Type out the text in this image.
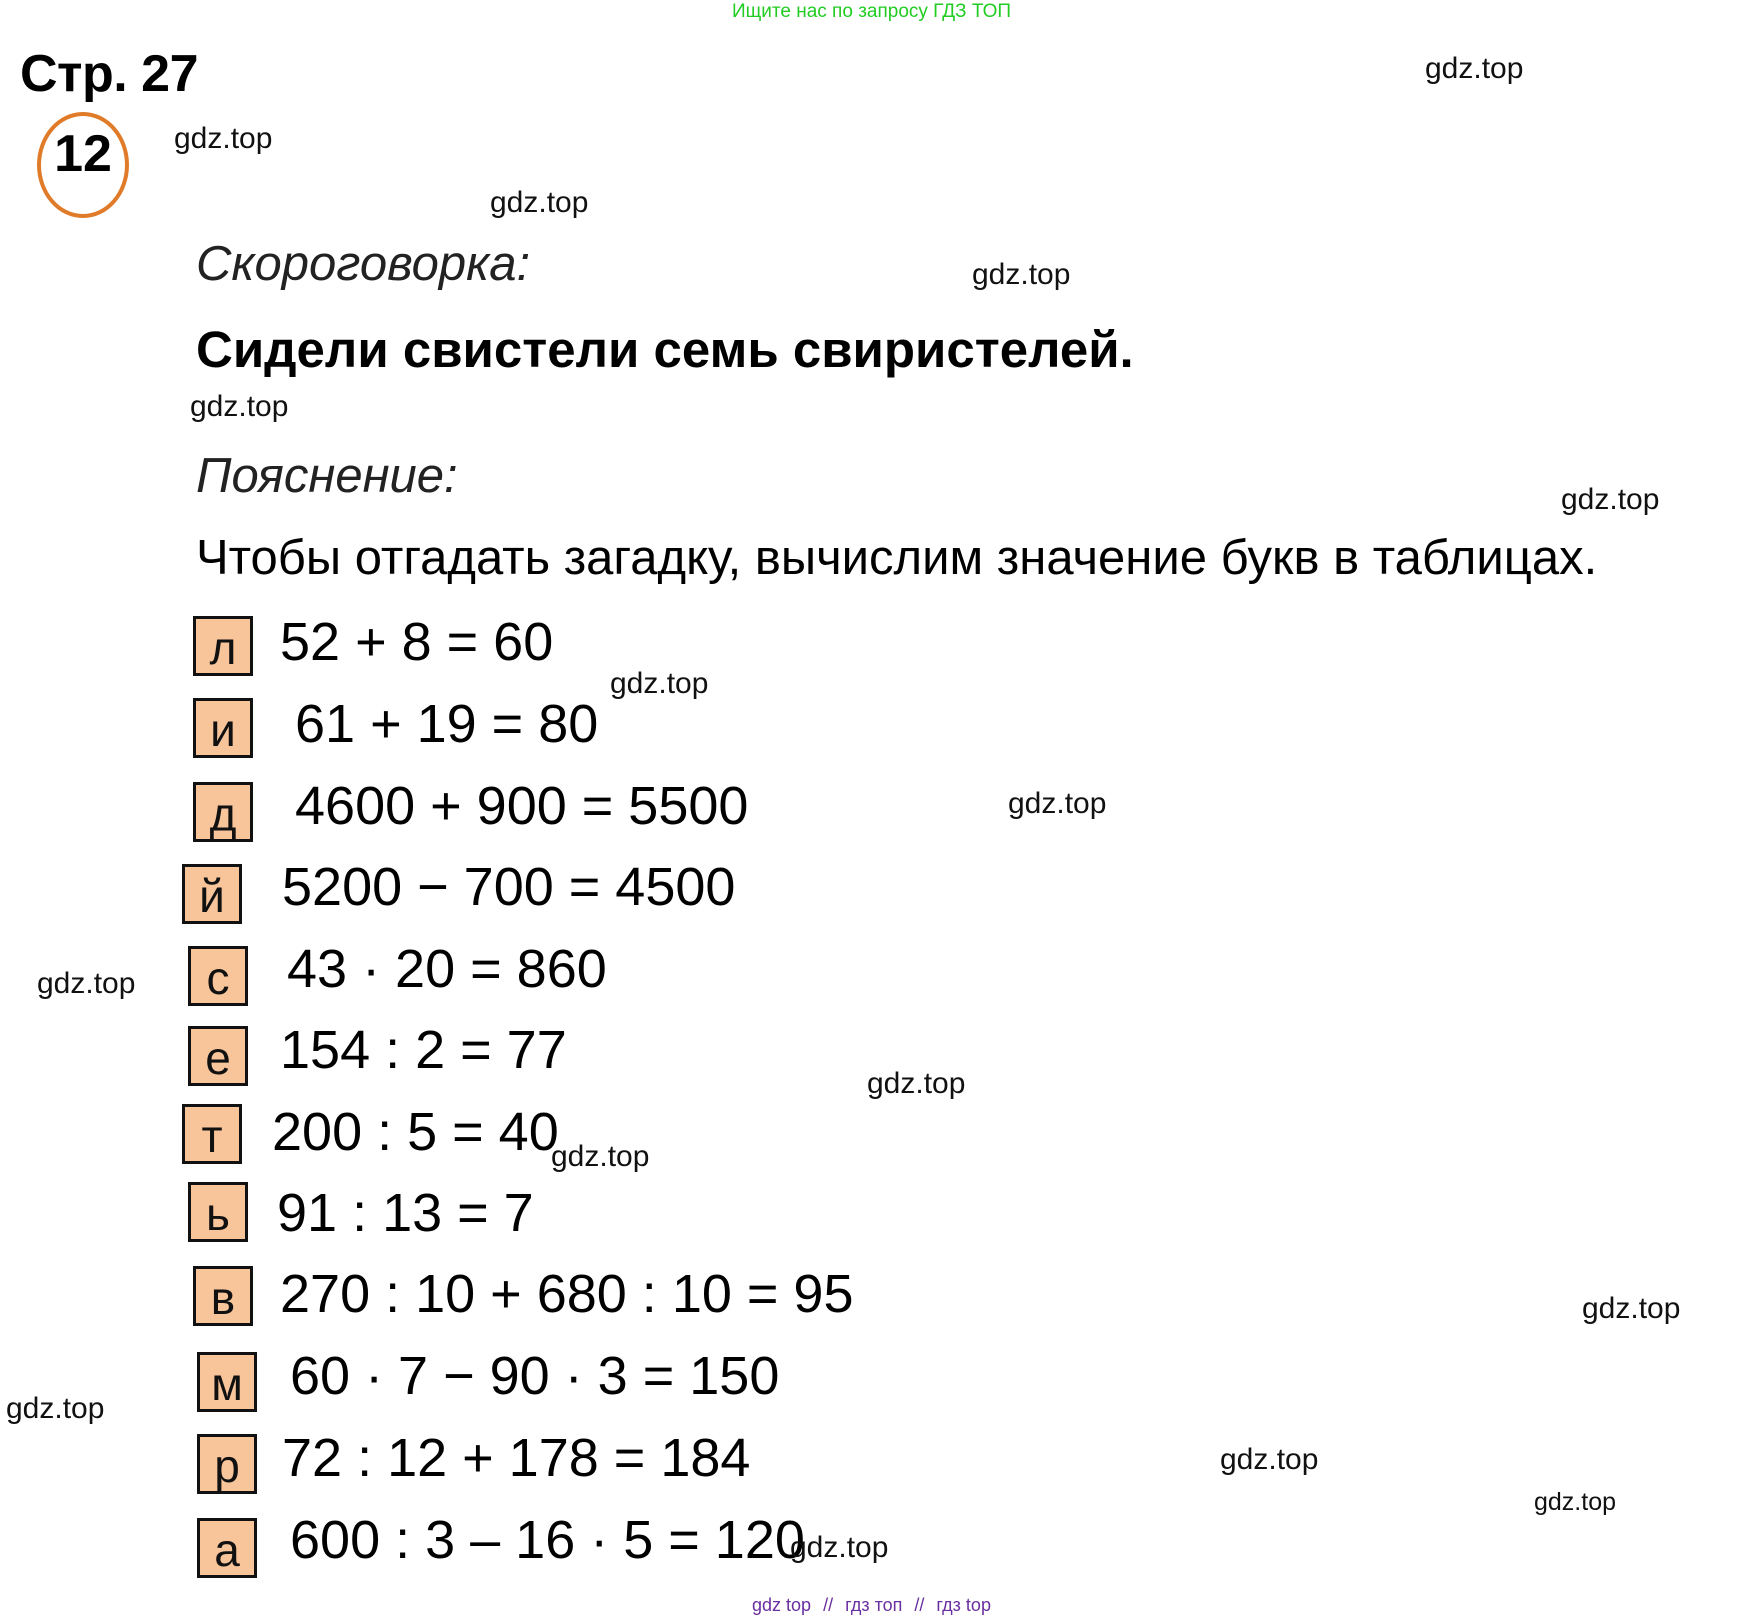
Ищите нас по запросу ГДЗ ТОП
Стр. 27
12
Скороговорка:
Сидели свистели семь свиристелей.
Пояснение:
Чтобы отгадать загадку, вычислим значение букв в таблицах.
л 52 + 8 = 60
и	61 + 19 = 80
д	4600 + 900 = 5500
й	5200 − 700 = 4500
с	43 · 20 = 860
е 154 : 2 = 77
т 200 : 5 = 40
ь 91 : 13 = 7
в 270 : 10 + 680 : 10 = 95
м 60 · 7 − 90 · 3 = 150
р 72 : 12 + 178 = 184
а 600 : 3 – 16 · 5 = 120
gdz.top
gdz.top
gdz.top
gdz.top
gdz.top
gdz.top
gdz.top
gdz.top
gdz.top
gdz.top
gdz.top
gdz.top
gdz.top
gdz.top
gdz.top
gdz.top
gdz top // гдз топ // гдз top
